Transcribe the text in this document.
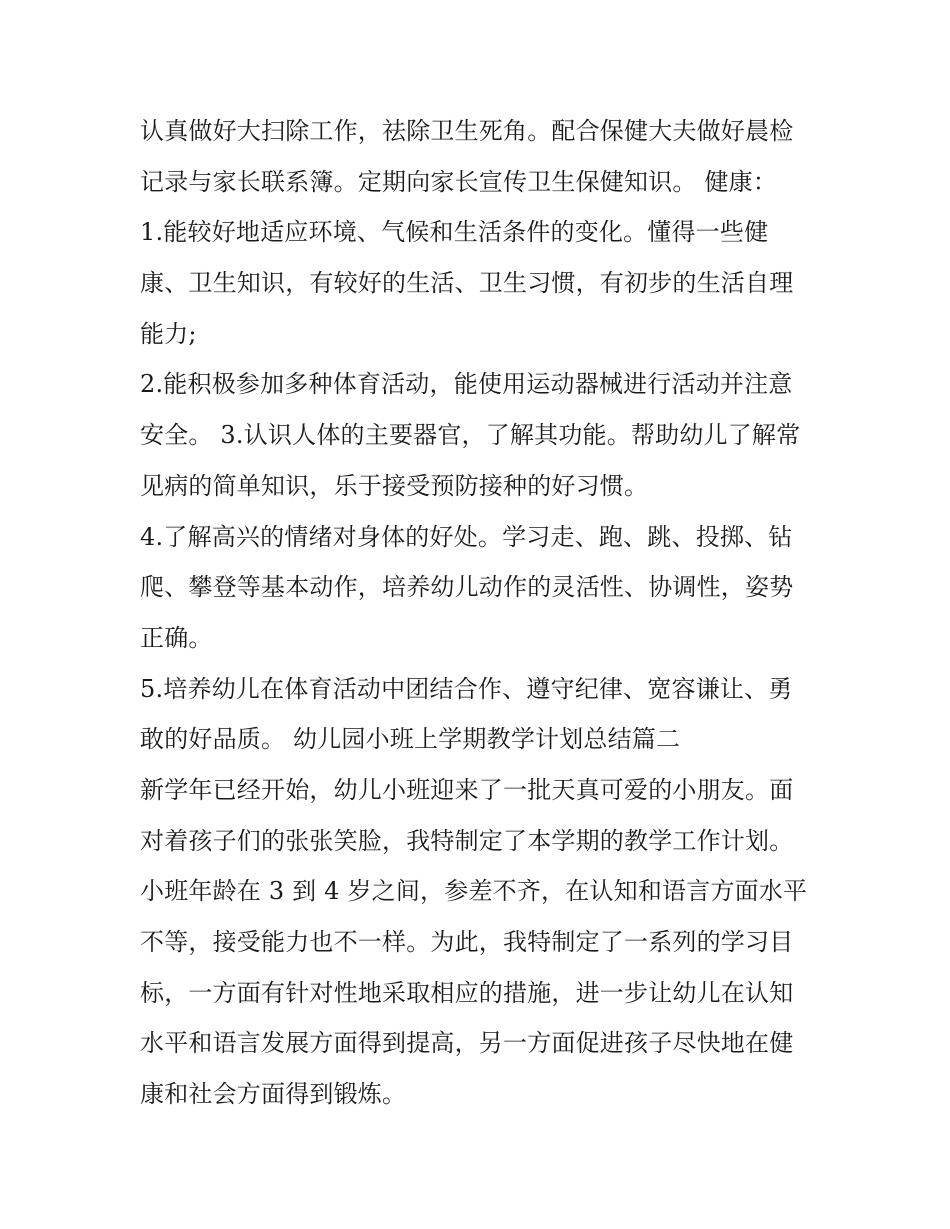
认真做好大扫除工作，祛除卫生死角。配合保健大夫做好晨检
记录与家长联系簿。定期向家长宣传卫生保健知识。 健康：
1.能较好地适应环境、气候和生活条件的变化。懂得一些健
康、卫生知识，有较好的生活、卫生习惯，有初步的生活自理
能力;
2.能积极参加多种体育活动，能使用运动器械进行活动并注意
安全。 3.认识人体的主要器官，了解其功能。帮助幼儿了解常
见病的简单知识，乐于接受预防接种的好习惯。
4.了解高兴的情绪对身体的好处。学习走、跑、跳、投掷、钻
爬、攀登等基本动作，培养幼儿动作的灵活性、协调性，姿势
正确。
5.培养幼儿在体育活动中团结合作、遵守纪律、宽容谦让、勇
敢的好品质。 幼儿园小班上学期教学计划总结篇二
新学年已经开始，幼儿小班迎来了一批天真可爱的小朋友。面
对着孩子们的张张笑脸，我特制定了本学期的教学工作计划。
小班年龄在 3 到 4 岁之间，参差不齐，在认知和语言方面水平
不等，接受能力也不一样。为此，我特制定了一系列的学习目
标，一方面有针对性地采取相应的措施，进一步让幼儿在认知
水平和语言发展方面得到提高，另一方面促进孩子尽快地在健
康和社会方面得到锻炼。
